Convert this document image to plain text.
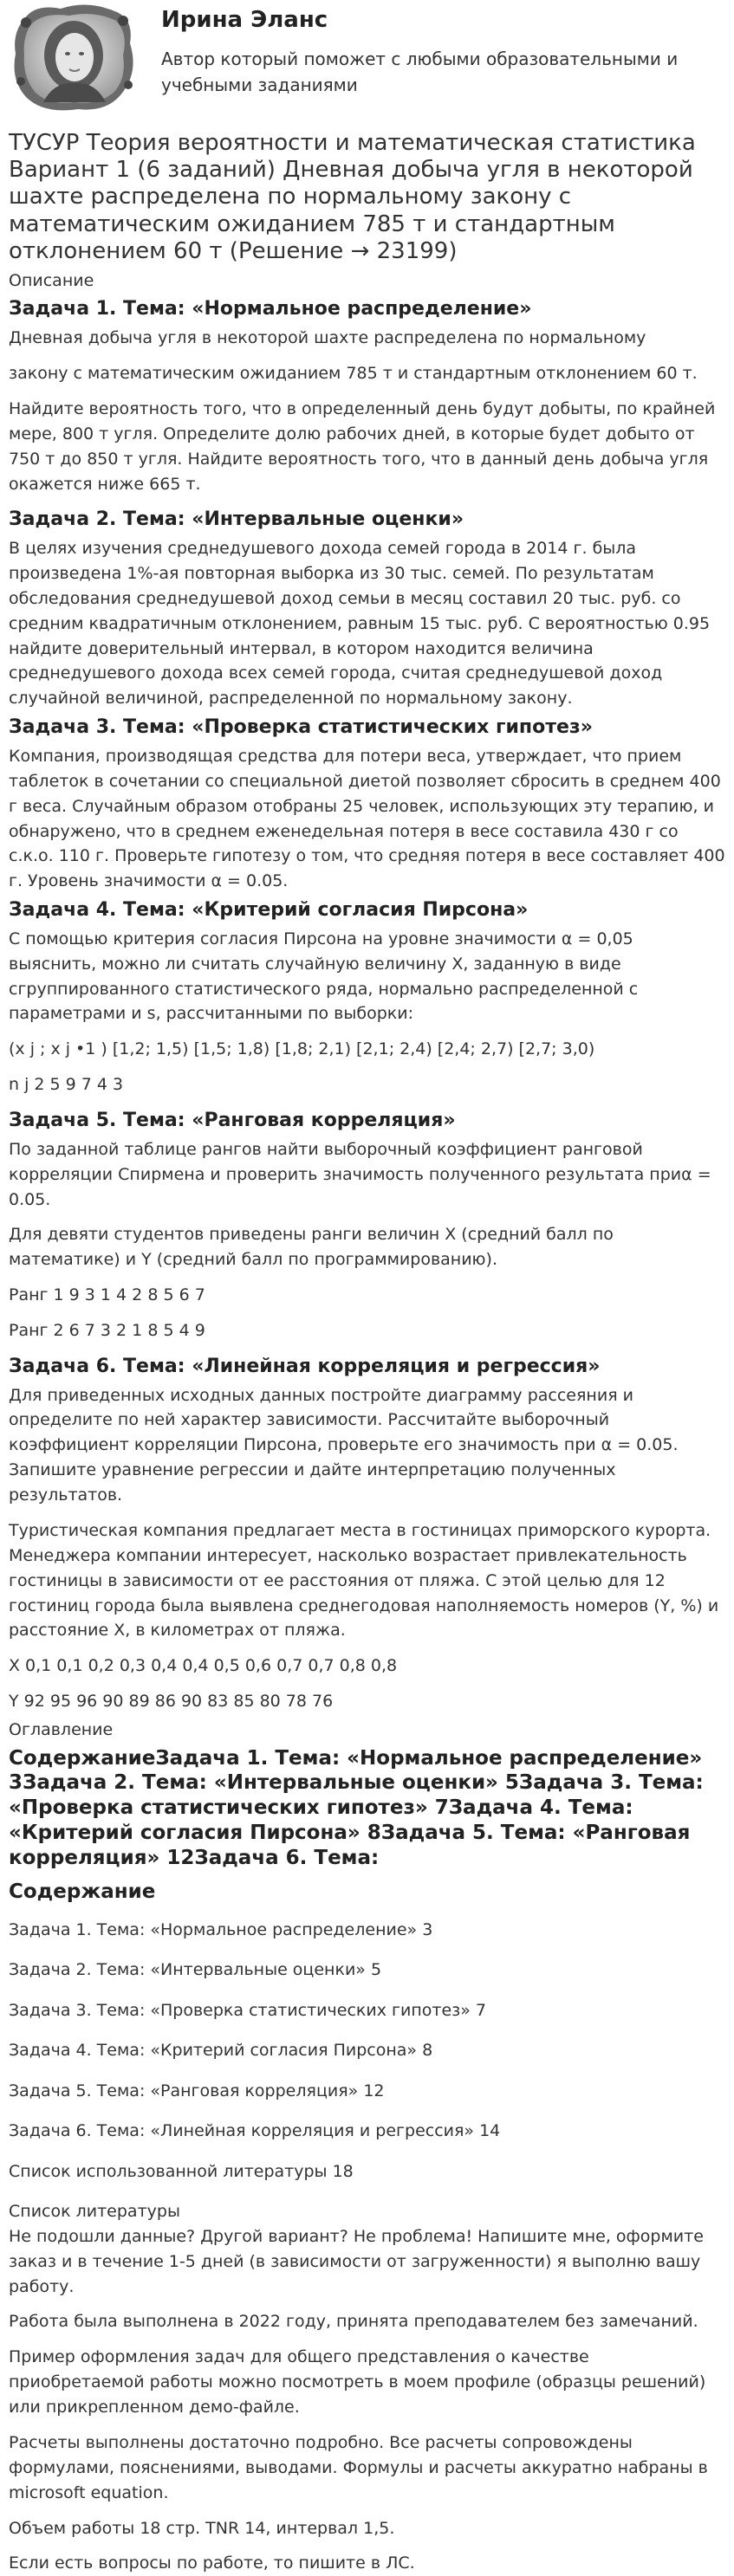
Ирина Эланс
Автор который поможет с любыми образовательными и учебными заданиями
ТУСУР Теория вероятности и математическая статистика Вариант 1 (6 заданий) Дневная добыча угля в некоторой шахте распределена по нормальному закону с математическим ожиданием 785 т и стандартным отклонением 60 т (Решение → 23199)
Описание
Задача 1. Тема: «Нормальное распределение»

Дневная добыча угля в некоторой шахте распределена по нормальному

закону с математическим ожиданием 785 т и стандартным отклонением 60 т.

Найдите вероятность того, что в определенный день будут добыты, по крайней мере, 800 т угля. Определите долю рабочих дней, в которые будет добыто от 750 т до 850 т угля. Найдите вероятность того, что в данный день добыча угля окажется ниже 665 т.

Задача 2. Тема: «Интервальные оценки»

В целях изучения среднедушевого дохода семей города в 2014 г. была произведена 1%-ая повторная выборка из 30 тыс. семей. По результатам обследования среднедушевой доход семьи в месяц составил 20 тыс. руб. со средним квадратичным отклонением, равным 15 тыс. руб. С вероятностью 0.95 найдите доверительный интервал, в котором находится величина среднедушевого дохода всех семей города, считая среднедушевой доход случайной величиной, распределенной по нормальному закону.

Задача 3. Тема: «Проверка статистических гипотез»

Компания, производящая средства для потери веса, утверждает, что прием таблеток в сочетании со специальной диетой позволяет сбросить в среднем 400 г веса. Случайным образом отобраны 25 человек, использующих эту терапию, и обнаружено, что в среднем еженедельная потеря в весе составила 430 г со с.к.о. 110 г. Проверьте гипотезу о том, что средняя потеря в весе составляет 400 г. Уровень значимости α = 0.05.

Задача 4. Тема: «Критерий согласия Пирсона»

С помощью критерия согласия Пирсона на уровне значимости α = 0,05 выяснить, можно ли считать случайную величину X, заданную в виде сгруппированного статистического ряда, нормально распределенной с параметрами и s, рассчитанными по выборки:

(x j ; x j •1 ) [1,2; 1,5) [1,5; 1,8) [1,8; 2,1) [2,1; 2,4) [2,4; 2,7) [2,7; 3,0)

n j 2 5 9 7 4 3

Задача 5. Тема: «Ранговая корреляция»

По заданной таблице рангов найти выборочный коэффициент ранговой корреляции Спирмена и проверить значимость полученного результата приα = 0.05.

Для девяти студентов приведены ранги величин X (средний балл по математике) и Y (средний балл по программированию).

Ранг 1 9 3 1 4 2 8 5 6 7

Ранг 2 6 7 3 2 1 8 5 4 9

Задача 6. Тема: «Линейная корреляция и регрессия»

Для приведенных исходных данных постройте диаграмму рассеяния и определите по ней характер зависимости. Рассчитайте выборочный коэффициент корреляции Пирсона, проверьте его значимость при α = 0.05. Запишите уравнение регрессии и дайте интерпретацию полученных результатов.

Туристическая компания предлагает места в гостиницах приморского курорта. Менеджера компании интересует, насколько возрастает привлекательность гостиницы в зависимости от ее расстояния от пляжа. С этой целью для 12 гостиниц города была выявлена среднегодовая наполняемость номеров (Y, %) и расстояние X, в километрах от пляжа.

X 0,1 0,1 0,2 0,3 0,4 0,4 0,5 0,6 0,7 0,7 0,8 0,8

Y 92 95 96 90 89 86 90 83 85 80 78 76

Оглавление
СодержаниеЗадача 1. Тема: «Нормальное распределение» 3Задача 2. Тема: «Интервальные оценки» 5Задача 3. Тема: «Проверка статистических гипотез» 7Задача 4. Тема: «Критерий согласия Пирсона» 8Задача 5. Тема: «Ранговая корреляция» 12Задача 6. Тема:
Содержание
Задача 1. Тема: «Нормальное распределение» 3
Задача 2. Тема: «Интервальные оценки» 5
Задача 3. Тема: «Проверка статистических гипотез» 7
Задача 4. Тема: «Критерий согласия Пирсона» 8
Задача 5. Тема: «Ранговая корреляция» 12
Задача 6. Тема: «Линейная корреляция и регрессия» 14
Список использованной литературы 18
Список литературы

Не подошли данные? Другой вариант? Не проблема! Напишите мне, оформите заказ и в течение 1-5 дней (в зависимости от загруженности) я выполню вашу работу.

Работа была выполнена в 2022 году, принята преподавателем без замечаний.

Пример оформления задач для общего представления о качестве приобретаемой работы можно посмотреть в моем профиле (образцы решений) или прикрепленном демо-файле.

Расчеты выполнены достаточно подробно. Все расчеты сопровождены формулами, пояснениями, выводами. Формулы и расчеты аккуратно набраны в microsoft equation.

Объем работы 18 стр. TNR 14, интервал 1,5.

Если есть вопросы по работе, то пишите в ЛС.
